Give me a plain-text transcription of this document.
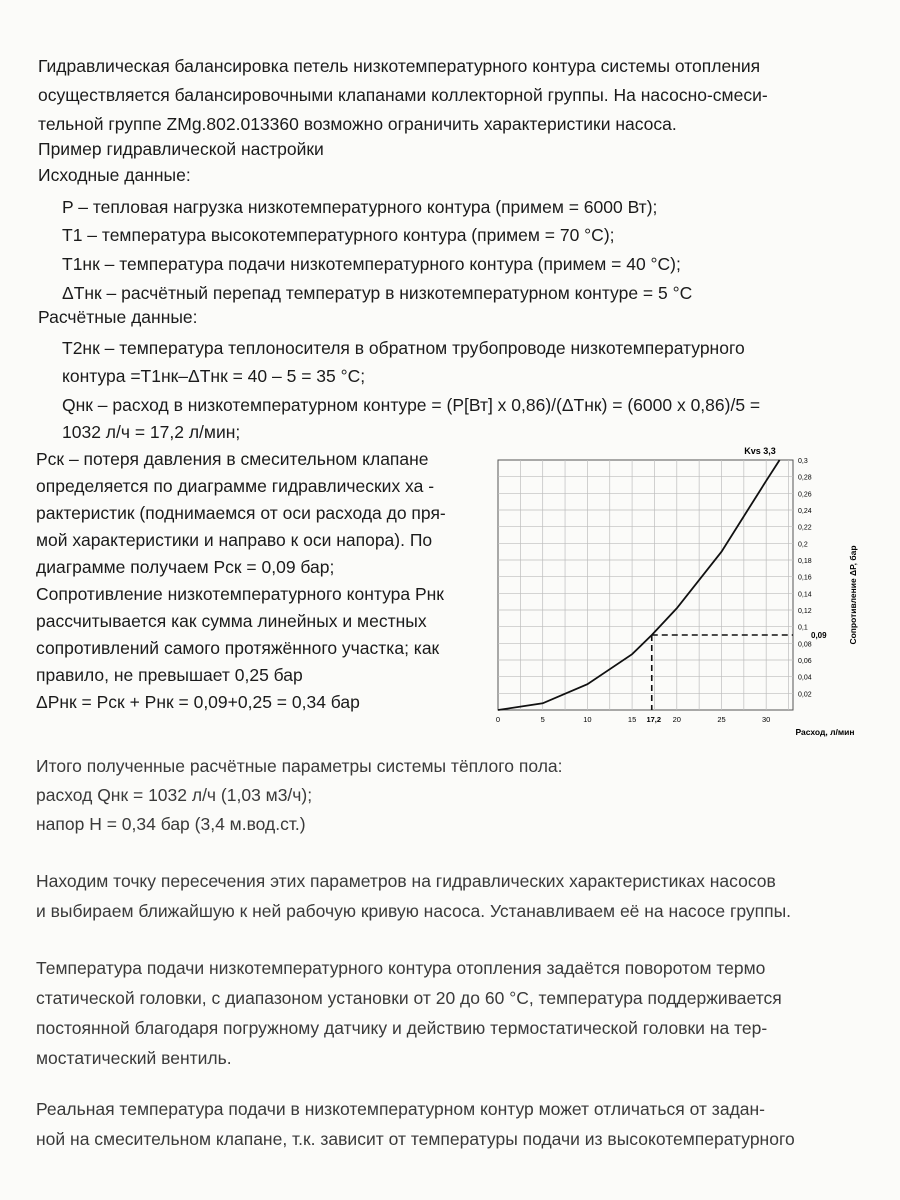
Гидравлическая балансировка петель низкотемпературного контура системы отопления
осуществляется балансировочными клапанами коллекторной группы. На насосно-смеси-
тельной группе ZMg.802.013360 возможно ограничить характеристики насоса.
Пример гидравлической настройки
Исходные данные:
P – тепловая нагрузка низкотемпературного контура (примем = 6000 Вт);
T1 – температура высокотемпературного контура (примем = 70 °С);
T1нк – температура подачи низкотемпературного контура (примем = 40 °С);
ΔТнк – расчётный перепад температур в низкотемпературном контуре = 5 °С
Расчётные данные:
T2нк – температура теплоносителя в обратном трубопроводе низкотемпературного
контура =T1нк–ΔТнк = 40 – 5 = 35 °С;
Qнк – расход в низкотемпературном контуре = (P[Вт] x 0,86)/(ΔТнк) = (6000 x 0,86)/5 =
1032 л/ч = 17,2 л/мин;
Pск – потеря давления в смесительном клапане
определяется по диаграмме гидравлических ха -
рактеристик (поднимаемся от оси расхода до пря-
мой характеристики и направо к оси напора). По
диаграмме получаем Pск = 0,09 бар;
Сопротивление низкотемпературного контура Pнк
рассчитывается как сумма линейных и местных
сопротивлений самого протяжённого участка; как
правило, не превышает 0,25 бар
ΔPнк = Pск + Pнк = 0,09+0,25 = 0,34 бар
0	5	10	15 17,2 20	25	30
0,02
0,04
0,06
0,08
0,1
0,12
0,14
0,16
0,18
0,2
0,22
0,24
0,26
0,28
0,3
0,09
Kvs 3,3
Расход, л/мин
Сопротивление ΔР, бар
Итого полученные расчётные параметры системы тёплого пола:
расход Qнк = 1032 л/ч (1,03 м3/ч);
напор H = 0,34 бар (3,4 м.вод.ст.)
Находим точку пересечения этих параметров на гидравлических характеристиках насосов
и выбираем ближайшую к ней рабочую кривую насоса. Устанавливаем её на насосе группы.
Температура подачи низкотемпературного контура отопления задаётся поворотом термо
статической головки, с диапазоном установки от 20 до 60 °С, температура поддерживается
постоянной благодаря погружному датчику и действию термостатической головки на тер-
мостатический вентиль.
Реальная температура подачи в низкотемпературном контур может отличаться от задан-
ной на смесительном клапане, т.к. зависит от температуры подачи из высокотемпературного
